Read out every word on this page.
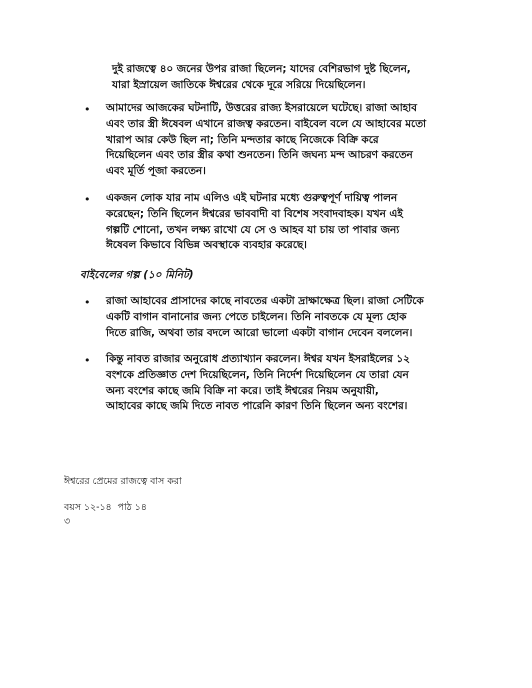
দুই রাজত্বে ৪০ জনের উপর রাজা ছিলেন; যাদের বেশিরভাগ দুষ্ট ছিলেন,
যারা ইস্রায়েল জাতিকে ঈশ্বরের থেকে দূরে সরিয়ে দিয়েছিলেন।

• আমাদের আজকের ঘটনাটি, উত্তরের রাজ্য ইসরায়েলে ঘটেছে। রাজা আহাব
এবং তার স্ত্রী ঈষেবল এখানে রাজত্ব করতেন। বাইবেল বলে যে আহাবের মতো
খারাপ আর কেউ ছিল না; তিনি মন্দতার কাছে নিজেকে বিক্রি করে
দিয়েছিলেন এবং তার স্ত্রীর কথা শুনতেন। তিনি জঘন্য মন্দ আচরণ করতেন
এবং মূর্তি পূজা করতেন।

• একজন লোক যার নাম এলিও এই ঘটনার মধ্যে গুরুত্বপূর্ণ দায়িত্ব পালন
করেছেন; তিনি ছিলেন ঈশ্বরের ভাববাদী বা বিশেষ সংবাদবাহক। যখন এই
গল্পটি শোনো, তখন লক্ষ্য রাখো যে সে ও আহব যা চায় তা পাবার জন্য
ঈষেবল কিভাবে বিভিন্ন অবস্থাকে ব্যবহার করেছে।

বাইবেলের গল্প (১০ মিনিট)

• রাজা আহাবের প্রাসাদের কাছে নাবতের একটা দ্রাক্ষাক্ষেত্র ছিল। রাজা সেটিকে
একটি বাগান বানানোর জন্য পেতে চাইলেন। তিনি নাবতকে যে মূল্য হোক
দিতে রাজি, অথবা তার বদলে আরো ভালো একটা বাগান দেবেন বললেন।

• কিন্তু নাবত রাজার অনুরোধ প্রত্যাখ্যান করলেন। ঈশ্বর যখন ইসরাইলের ১২
বংশকে প্রতিজ্ঞাত দেশ দিয়েছিলেন, তিনি নির্দেশ দিয়েছিলেন যে তারা যেন
অন্য বংশের কাছে জমি বিক্রি না করে। তাই ঈশ্বরের নিয়ম অনুযায়ী,
আহাবের কাছে জমি দিতে নাবত পারেনি কারণ তিনি ছিলেন অন্য বংশের।

ঈশ্বরের প্রেমের রাজত্বে বাস করা

বয়স ১২-১৪  পাঠ ১৪

৩
